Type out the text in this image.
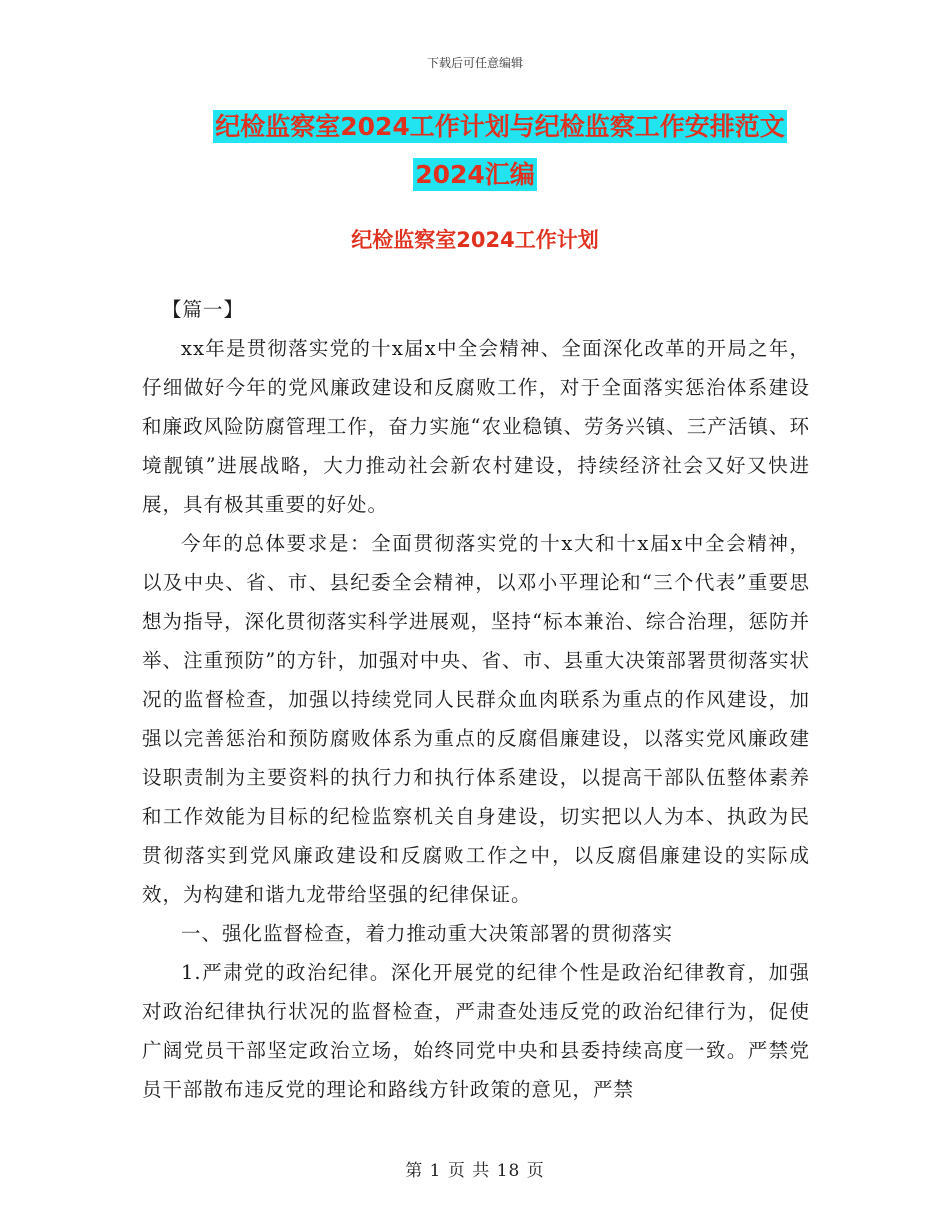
下载后可任意编辑
纪检监察室2024工作计划与纪检监察工作安排范文
2024汇编
纪检监察室2024工作计划

【篇一】

xx年是贯彻落实党的十x届x中全会精神、全面深化改革的开局之年，仔细做好今年的党风廉政建设和反腐败工作，对于全面落实惩治体系建设和廉政风险防腐管理工作，奋力实施“农业稳镇、劳务兴镇、三产活镇、环境靓镇”进展战略，大力推动社会新农村建设，持续经济社会又好又快进展，具有极其重要的好处。

今年的总体要求是：全面贯彻落实党的十x大和十x届x中全会精神，以及中央、省、市、县纪委全会精神，以邓小平理论和“三个代表”重要思想为指导，深化贯彻落实科学进展观，坚持“标本兼治、综合治理，惩防并举、注重预防”的方针，加强对中央、省、市、县重大决策部署贯彻落实状况的监督检查，加强以持续党同人民群众血肉联系为重点的作风建设，加强以完善惩治和预防腐败体系为重点的反腐倡廉建设，以落实党风廉政建设职责制为主要资料的执行力和执行体系建设，以提高干部队伍整体素养和工作效能为目标的纪检监察机关自身建设，切实把以人为本、执政为民贯彻落实到党风廉政建设和反腐败工作之中，以反腐倡廉建设的实际成效，为构建和谐九龙带给坚强的纪律保证。

一、强化监督检查，着力推动重大决策部署的贯彻落实

1.严肃党的政治纪律。深化开展党的纪律个性是政治纪律教育，加强对政治纪律执行状况的监督检查，严肃查处违反党的政治纪律行为，促使广阔党员干部坚定政治立场，始终同党中央和县委持续高度一致。严禁党员干部散布违反党的理论和路线方针政策的意见，严禁

第 1 页 共 18 页
